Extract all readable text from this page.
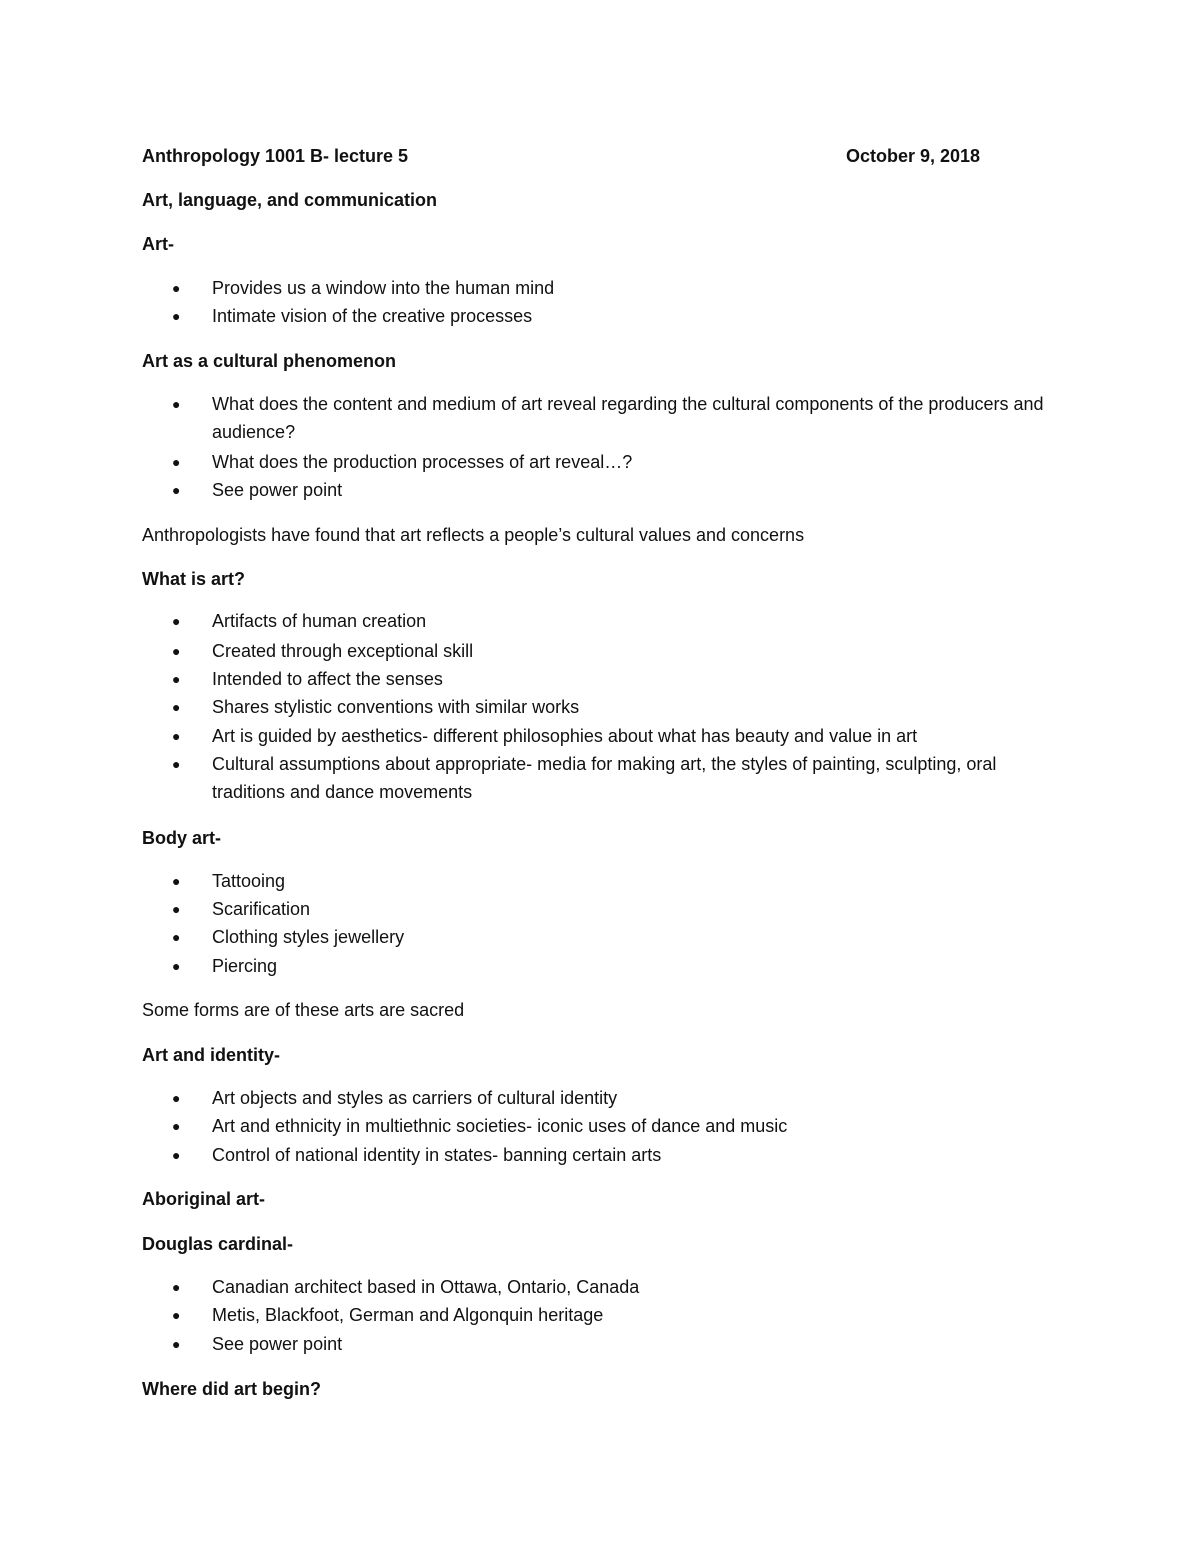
Anthropology 1001 B- lecture 5	October 9, 2018
Art, language, and communication
Art-
●	Provides us a window into the human mind
●	Intimate vision of the creative processes
Art as a cultural phenomenon
●	What does the content and medium of art reveal regarding the cultural components of the producers and audience?
●	What does the production processes of art reveal…?
●	See power point
Anthropologists have found that art reflects a people’s cultural values and concerns
What is art?
●	Artifacts of human creation
●	Created through exceptional skill
●	Intended to affect the senses
●	Shares stylistic conventions with similar works
●	Art is guided by aesthetics- different philosophies about what has beauty and value in art
●	Cultural assumptions about appropriate- media for making art, the styles of painting, sculpting, oral traditions and dance movements
Body art-
●	Tattooing
●	Scarification
●	Clothing styles jewellery
●	Piercing
Some forms are of these arts are sacred
Art and identity-
●	Art objects and styles as carriers of cultural identity
●	Art and ethnicity in multiethnic societies- iconic uses of dance and music
●	Control of national identity in states- banning certain arts
Aboriginal art-
Douglas cardinal-
●	Canadian architect based in Ottawa, Ontario, Canada
●	Metis, Blackfoot, German and Algonquin heritage
●	See power point
Where did art begin?
